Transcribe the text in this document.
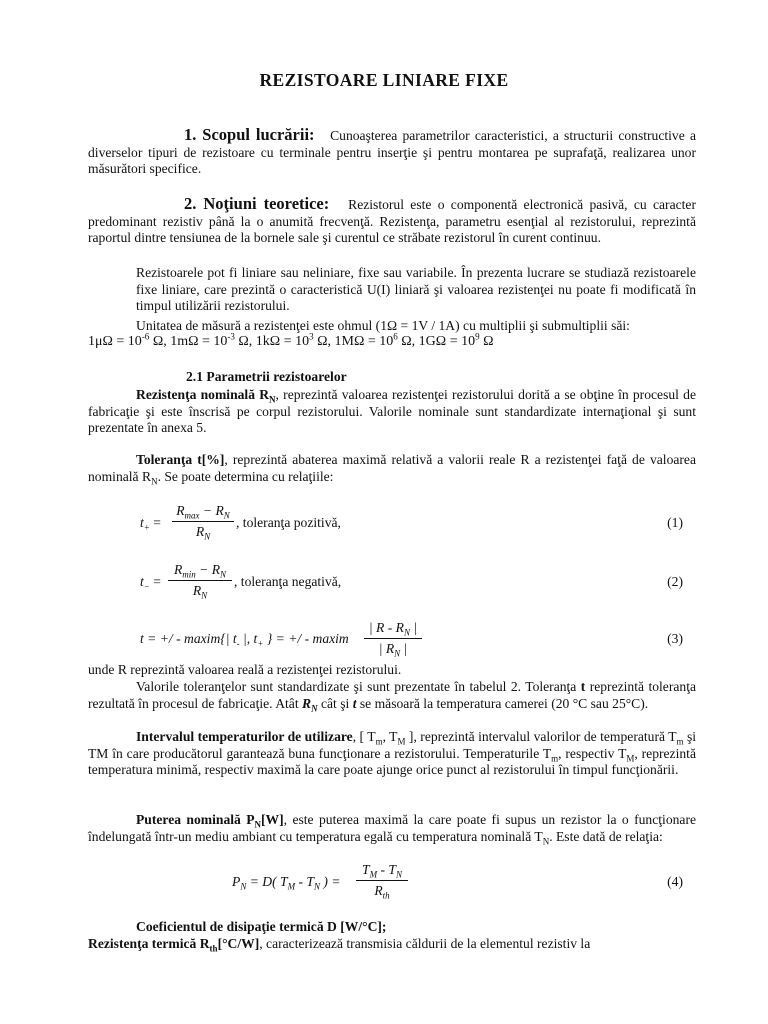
REZISTOARE LINIARE FIXE

1. Scopul lucrării: Cunoaşterea parametrilor caracteristici, a structurii constructive a diverselor tipuri de rezistoare cu terminale pentru inserţie şi pentru montarea pe suprafaţă, realizarea unor măsurători specifice.

2. Noţiuni teoretice: Rezistorul este o componentă electronică pasivă, cu caracter predominant rezistiv până la o anumită frecvenţă. Rezistenţa, parametru esenţial al rezistorului, reprezintă raportul dintre tensiunea de la bornele sale şi curentul ce străbate rezistorul în curent continuu.

Rezistoarele pot fi liniare sau neliniare, fixe sau variabile. În prezenta lucrare se studiază rezistoarele fixe liniare, care prezintă o caracteristică U(I) liniară şi valoarea rezistenţei nu poate fi modificată în timpul utilizării rezistorului.

Unitatea de măsură a rezistenţei este ohmul (1Ω = 1V / 1A) cu multiplii şi submultiplii săi:

$1\mu\Omega = 10^{-6}$ Ω, $1m\Omega = 10^{-3}$ Ω, $1k\Omega = 10^3$ Ω, $1M\Omega = 10^6$ Ω, $1G\Omega = 10^9$ Ω

2.1 Parametrii rezistoarelor

Rezistenţa nominală $R_N$, reprezintă valoarea rezistenţei rezistorului dorită a se obţine în procesul de fabricaţie şi este înscrisă pe corpul rezistorului. Valorile nominale sunt standardizate internaţional şi sunt prezentate în anexa 5.

Toleranţa t[%], reprezintă abaterea maximă relativă a valorii reale R a rezistenţei faţă de valoarea nominală $R_N$. Se poate determina cu relaţiile:

$t_+$ =
$R_{max} - R_N$
$R_N$
, toleranţa pozitivă,	(1)
$t_-$ =
$R_{min} - R_N$
$R_N$
, toleranţa negativă,	(2)
t = +/ - maxim{| $t_-$ |, $t_+$ } = +/ - maxim
| R - $R_N$ |
| $R_N$ |
(3)

unde R reprezintă valoarea reală a rezistenţei rezistorului.

Valorile toleranţelor sunt standardizate şi sunt prezentate în tabelul 2. Toleranţa t reprezintă toleranţa rezultată în procesul de fabricaţie. Atât $R_N$ cât şi t se măsoară la temperatura camerei (20 °C sau 25°C).

Intervalul temperaturilor de utilizare, [ $T_m$, $T_M$ ], reprezintă intervalul valorilor de temperatură $T_m$ şi TM în care producătorul garantează buna funcţionare a rezistorului. Temperaturile $T_m$, respectiv $T_M$, reprezintă temperatura minimă, respectiv maximă la care poate ajunge orice punct al rezistorului în timpul funcţionării.

Puterea nominală $P_N[W]$, este puterea maximă la care poate fi supus un rezistor la o funcţionare îndelungată într-un mediu ambiant cu temperatura egală cu temperatura nominală $T_N$. Este dată de relaţia:

$P_N = D$( $T_M - T_N$ ) =
$T_M - T_N$
$R_{th}$
(4)

Coeficientul de disipaţie termică D [W/°C];

Rezistenţa termică $R_{th}[^\circ C/W]$, caracterizează transmisia căldurii de la elementul rezistiv la
